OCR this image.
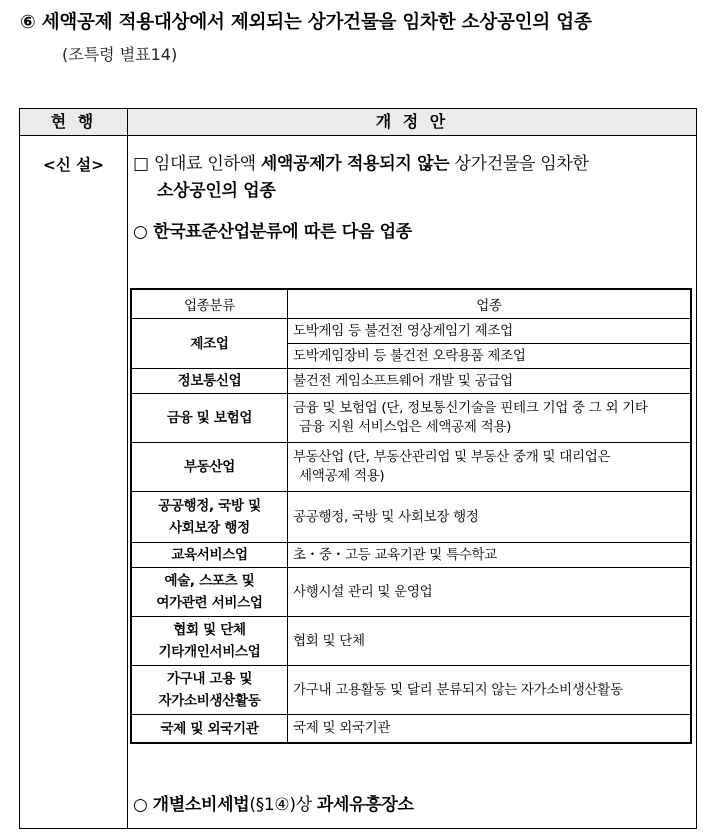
⑥ 세액공제 적용대상에서 제외되는 상가건물을 임차한 소상공인의 업종
(조특령 별표14)
현 행	개 정 안
<신 설>	□ 임대료 인하액 세액공제가 적용되지 않는 상가건물을 임차한
소상공인의 업종
○ 한국표준산업분류에 따른 다음 업종
업종분류	업종
제조업	도박게임 등 불건전 영상게임기 제조업
	도박게임장비 등 불건전 오락용품 제조업
정보통신업	불건전 게임소프트웨어 개발 및 공급업
금융 및 보험업	금융 및 보험업 (단, 정보통신기술을 핀테크 기업 중 그 외 기타
금융 지원 서비스업은 세액공제 적용)

부동산업	부동산업 (단, 부동산관리업 및 부동산 중개 및 대리업은
세액공제 적용)

공공행정, 국방 및
사회보장 행정	공공행정, 국방 및 사회보장 행정
교육서비스업	초・중・고등 교육기관 및 특수학교

예술, 스포츠 및
여가관련 서비스업	사행시설 관리 및 운영업

협회 및 단체
기타개인서비스업	협회 및 단체

가구내 고용 및
자가소비생산활동	가구내 고용활동 및 달리 분류되지 않는 자가소비생산활동
국제 및 외국기관	국제 및 외국기관
○ 개별소비세법(§1④)상 과세유흥장소
